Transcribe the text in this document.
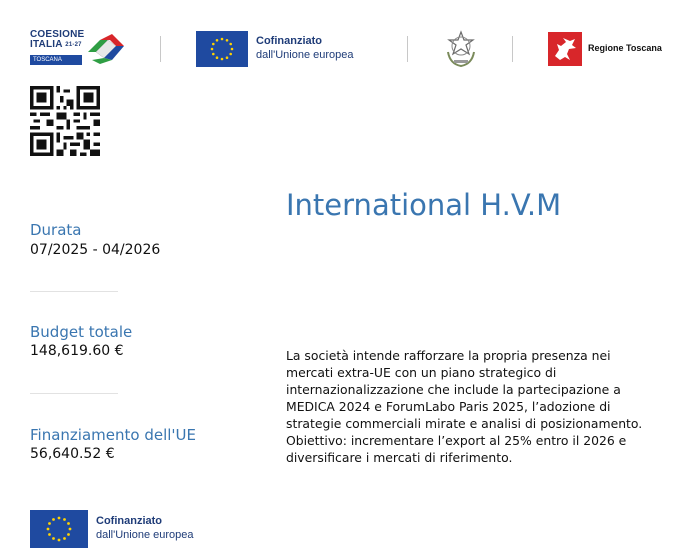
COESIONE
ITALIA $^{21-27}$
TOSCANA
Cofinanziato
dall'Unione europea
Regione Toscana
Durata
07/2025 - 04/2026
Budget totale
148,619.60 €
Finanziamento dell'UE
56,640.52 €
International H.V.M
La società intende rafforzare la propria presenza nei mercati extra-UE con un piano strategico di internazionalizzazione che include la partecipazione a MEDICA 2024 e ForumLabo Paris 2025, l’adozione di strategie commerciali mirate e analisi di posizionamento. Obiettivo: incrementare l’export al 25% entro il 2026 e diversificare i mercati di riferimento.
Cofinanziato
dall'Unione europea
